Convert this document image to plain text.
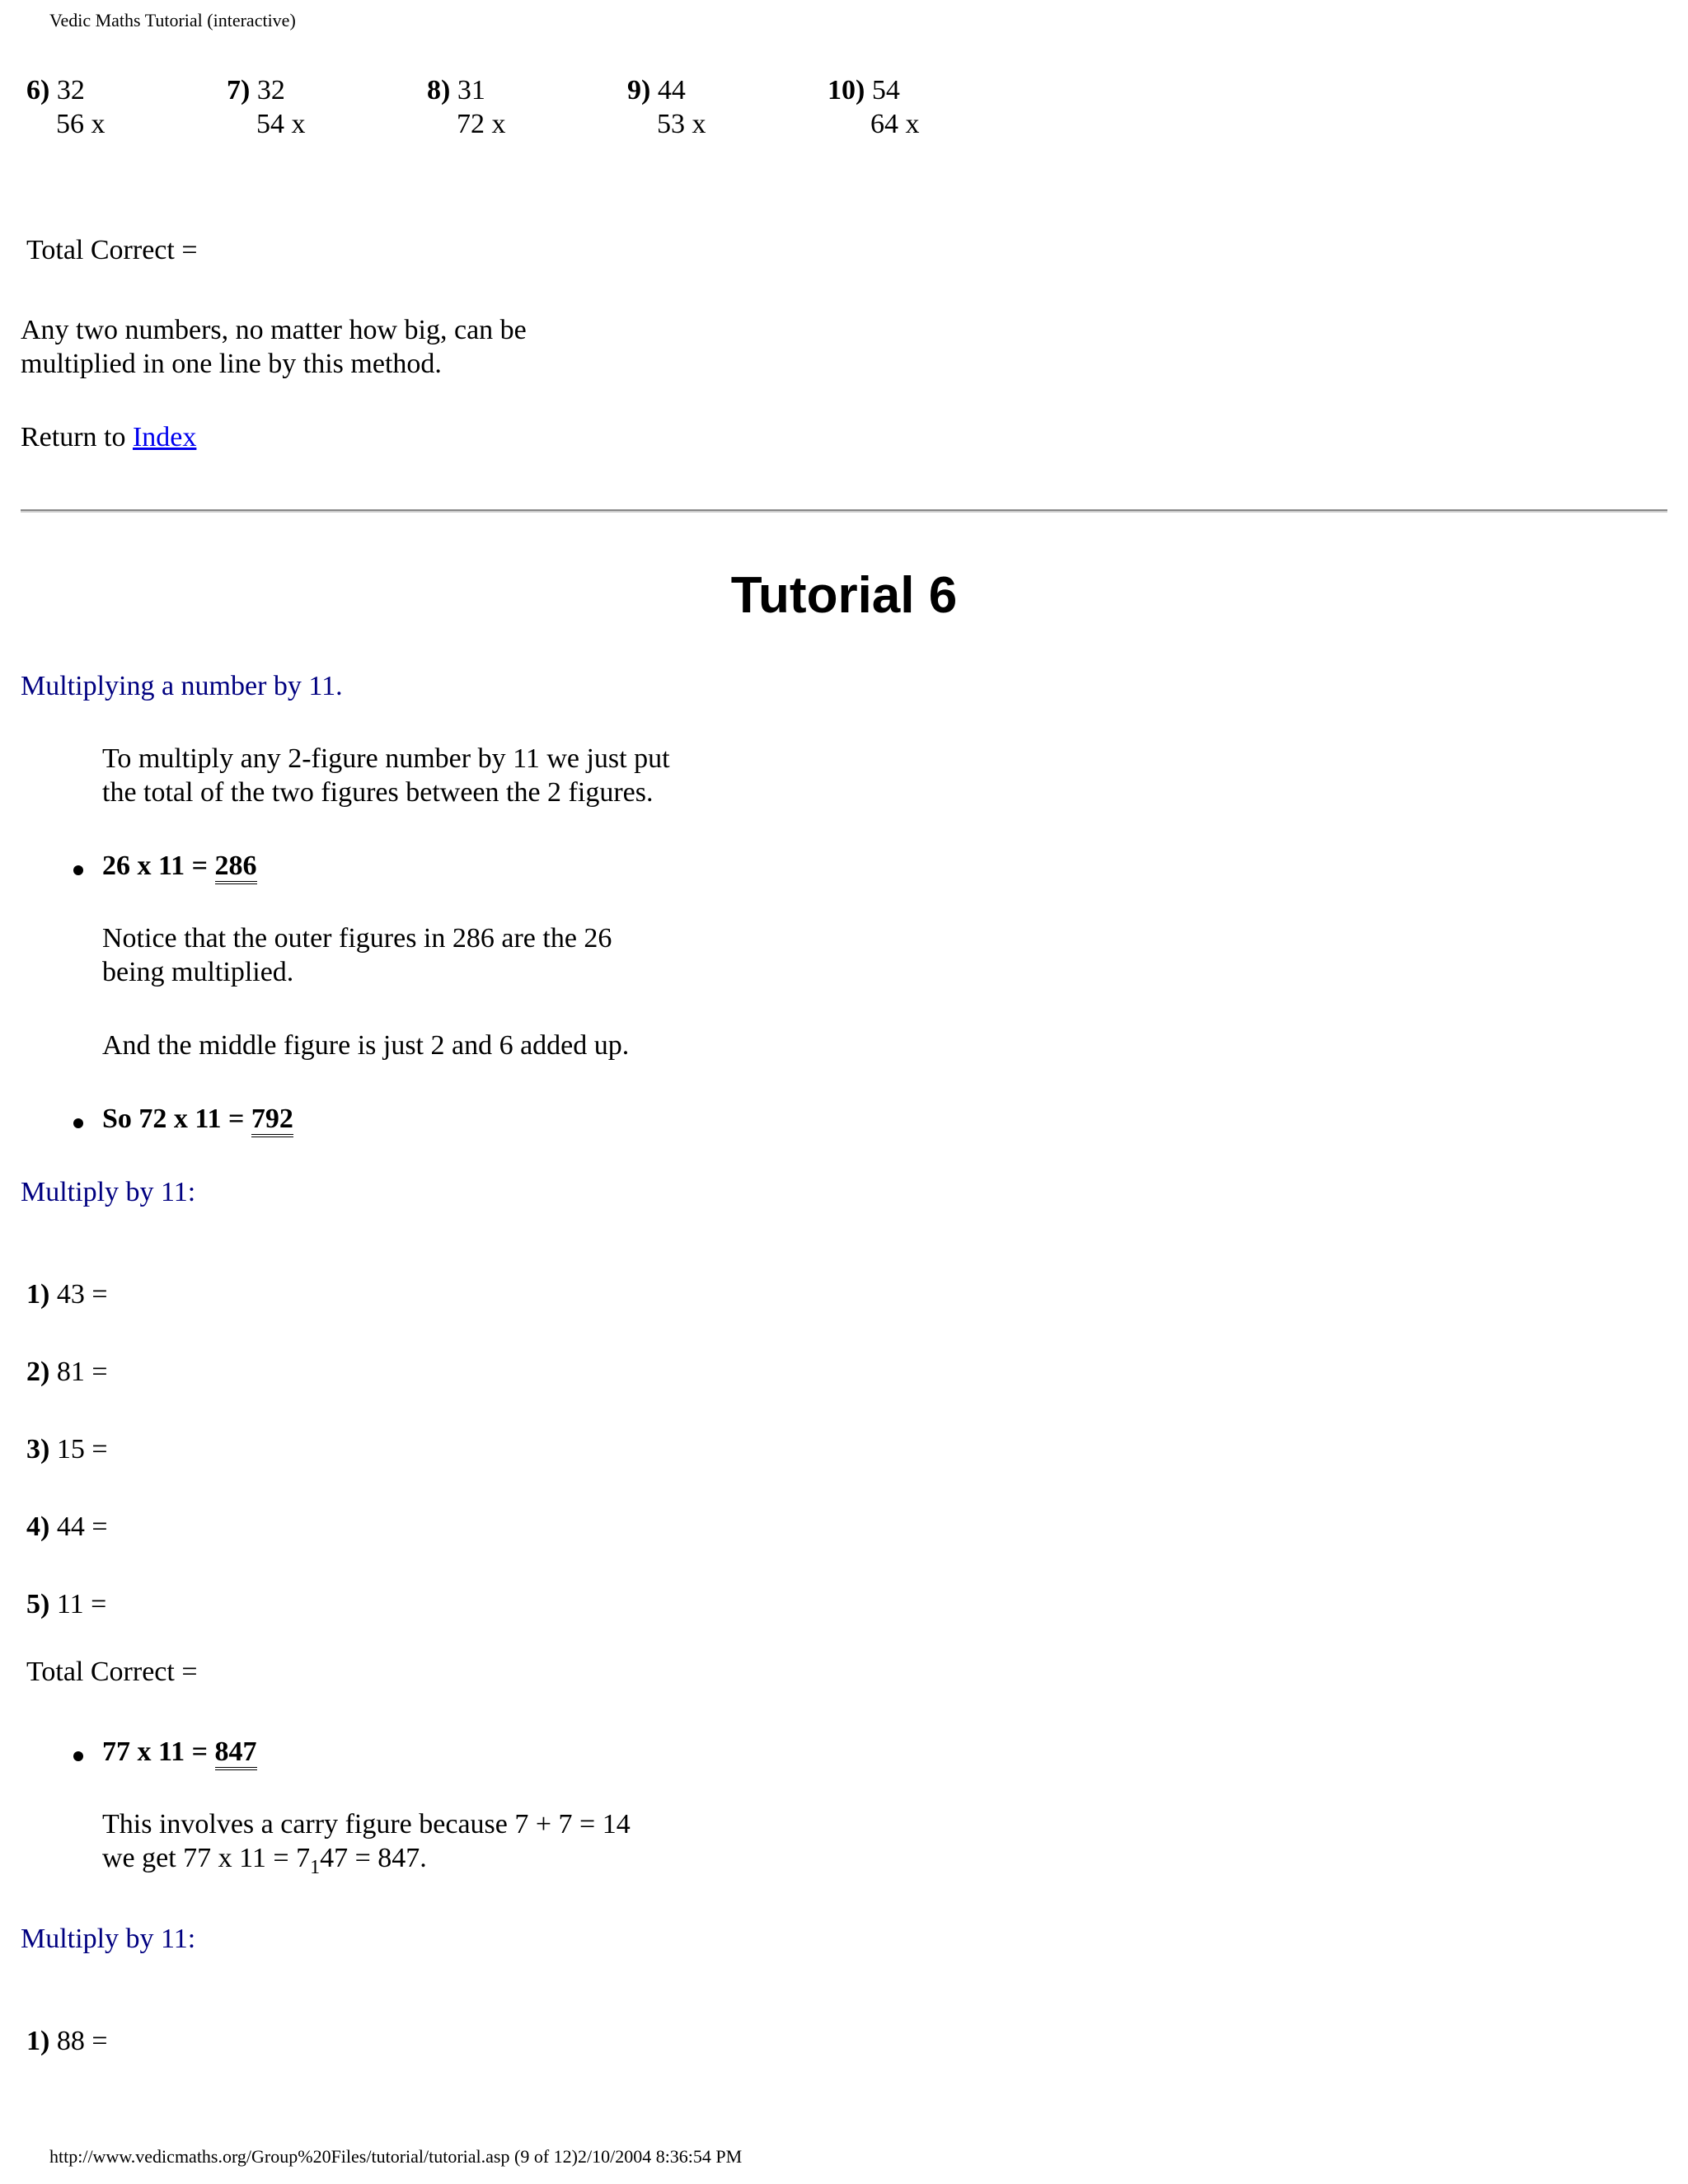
Vedic Maths Tutorial (interactive)
6) 32
56 x
7) 32
54 x
8) 31
72 x
9) 44
53 x
10) 54
64 x
Total Correct =
Any two numbers, no matter how big, can be
multiplied in one line by this method.
Return to Index
Tutorial 6
Multiplying a number by 11.
To multiply any 2-figure number by 11 we just put
the total of the two figures between the 2 figures.
26 x 11 = 286
Notice that the outer figures in 286 are the 26
being multiplied.
And the middle figure is just 2 and 6 added up.
So 72 x 11 = 792
Multiply by 11:
1) 43 =
2) 81 =
3) 15 =
4) 44 =
5) 11 =
Total Correct =
77 x 11 = 847
This involves a carry figure because 7 + 7 = 14
we get 77 x $11 = 7_147 = 847$.
Multiply by 11:
1) 88 =
http://www.vedicmaths.org/Group%20Files/tutorial/tutorial.asp (9 of 12)2/10/2004 8:36:54 PM
